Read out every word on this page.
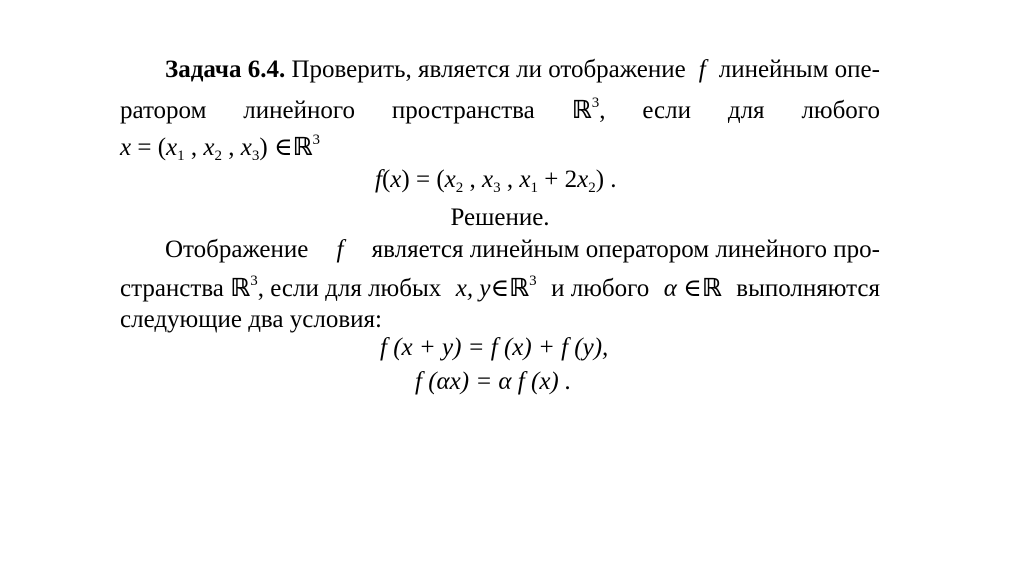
Задача 6.4. Проверить, является ли отображение f линейным опе-
ратором линейного пространства ℝ$^3$, если для любого
$x = (x_1$ , $x_2$ , $x_3$) ∈ℝ$^3$
$f(x) = (x_2$ , $x_3$ , $x_1 + 2x_2$) .
Решение.
Отображение f является линейным оператором линейного про-
странства ℝ$^3$, если для любых x, y∈ℝ$^3$ и любого α ∈ℝ выполняются
следующие два условия:
f (x + y) = f (x) + f (y),
f (αx) = α f (x) .
